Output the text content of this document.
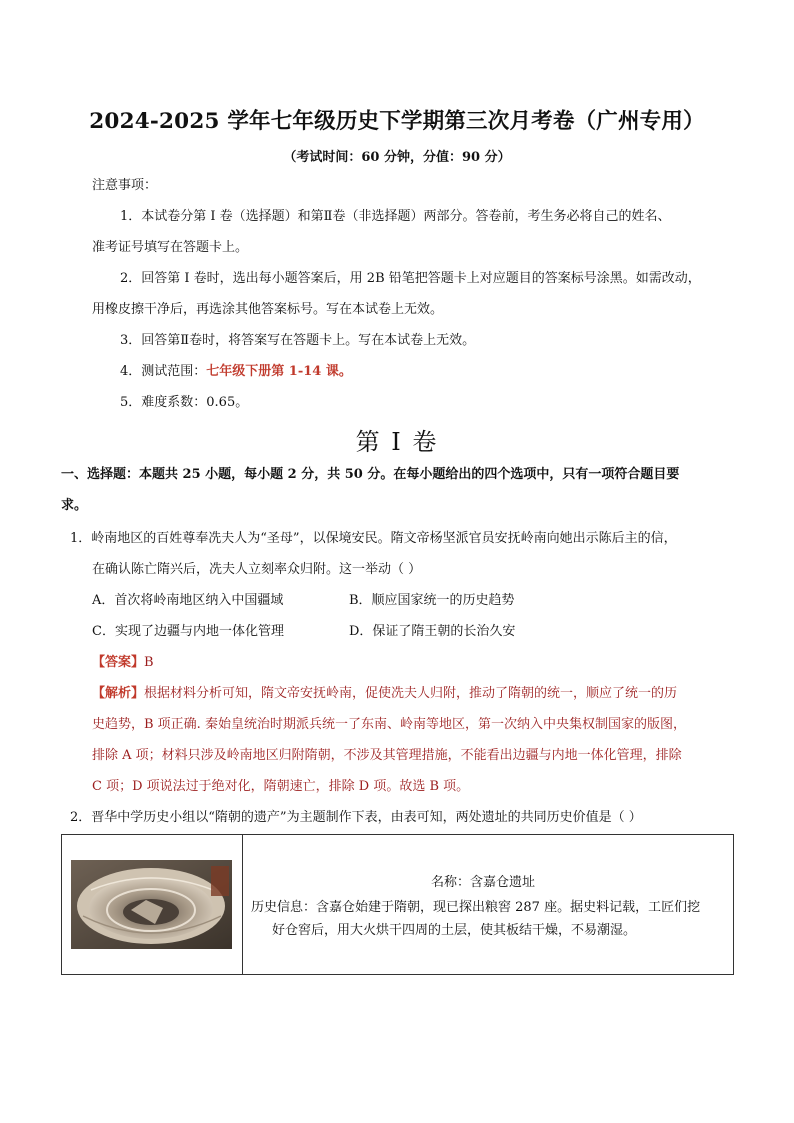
2024-2025 学年七年级历史下学期第三次月考卷（广州专用）
（考试时间：60 分钟，分值：90 分）
注意事项：
1．本试卷分第 I 卷（选择题）和第Ⅱ卷（非选择题）两部分。答卷前，考生务必将自己的姓名、
准考证号填写在答题卡上。
2．回答第 I 卷时，选出每小题答案后，用 2B 铅笔把答题卡上对应题目的答案标号涂黑。如需改动，
用橡皮擦干净后，再选涂其他答案标号。写在本试卷上无效。
3．回答第Ⅱ卷时，将答案写在答题卡上。写在本试卷上无效。
4．测试范围：七年级下册第 1-14 课。
5．难度系数：0.65。
第 I 卷
一、选择题：本题共 25 小题，每小题 2 分，共 50 分。在每小题给出的四个选项中，只有一项符合题目要
求。
1．岭南地区的百姓尊奉冼夫人为“圣母”，以保境安民。隋文帝杨坚派官员安抚岭南向她出示陈后主的信，
在确认陈亡隋兴后，冼夫人立刻率众归附。这一举动（ ）
A．首次将岭南地区纳入中国疆域	B．顺应国家统一的历史趋势
C．实现了边疆与内地一体化管理	D．保证了隋王朝的长治久安
【答案】B
【解析】根据材料分析可知，隋文帝安抚岭南，促使冼夫人归附，推动了隋朝的统一，顺应了统一的历
史趋势，B 项正确. 秦始皇统治时期派兵统一了东南、岭南等地区，第一次纳入中央集权制国家的版图，
排除 A 项；材料只涉及岭南地区归附隋朝，不涉及其管理措施，不能看出边疆与内地一体化管理，排除
C 项；D 项说法过于绝对化，隋朝速亡，排除 D 项。故选 B 项。
2．晋华中学历史小组以“隋朝的遗产”为主题制作下表，由表可知，两处遗址的共同历史价值是（ ）
名称：含嘉仓遗址
历史信息：含嘉仓始建于隋朝，现已探出粮窖 287 座。据史料记载，工匠们挖
好仓窖后，用大火烘干四周的土层，使其板结干燥，不易潮湿。
